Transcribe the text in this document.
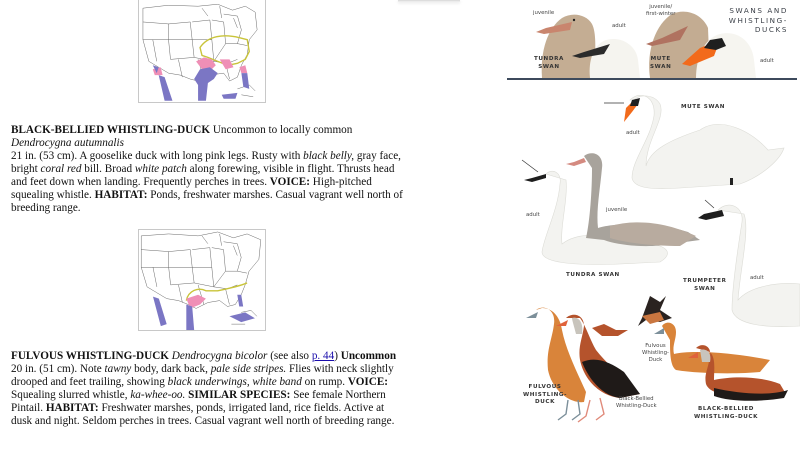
BLACK-BELLIED WHISTLING-DUCK Uncommon to locally common
Dendrocygna autumnalis
21 in. (53 cm). A gooselike duck with long pink legs. Rusty with black belly, gray face,
bright coral red bill. Broad white patch along forewing, visible in flight. Thrusts head
and feet down when landing. Frequently perches in trees. VOICE: High-pitched
squealing whistle. HABITAT: Ponds, freshwater marshes. Casual vagrant well north of
breeding range.
FULVOUS WHISTLING-DUCK Dendrocygna bicolor (see also p. 44) Uncommon
20 in. (51 cm). Note tawny body, dark back, pale side stripes. Flies with neck slightly
drooped and feet trailing, showing black underwings, white band on rump. VOICE:
Squealing slurred whistle, ka-whee-oo. SIMILAR SPECIES: See female Northern
Pintail. HABITAT: Freshwater marshes, ponds, irrigated land, rice fields. Active at
dusk and night. Seldom perches in trees. Casual vagrant well north of breeding range.
SWANS AND
WHISTLING-
DUCKS
juvenile
adult
TUNDRA
SWAN
juvenile/
first-winter
MUTE
SWAN
adult
MUTE SWAN
adult
adult
juvenile
TUNDRA SWAN
TRUMPETER
SWAN
adult
FULVOUS
WHISTLING-
DUCK	Black-Bellied
Whistling-Duck
Fulvous
Whistling-
Duck
BLACK-BELLIED
WHISTLING-DUCK
